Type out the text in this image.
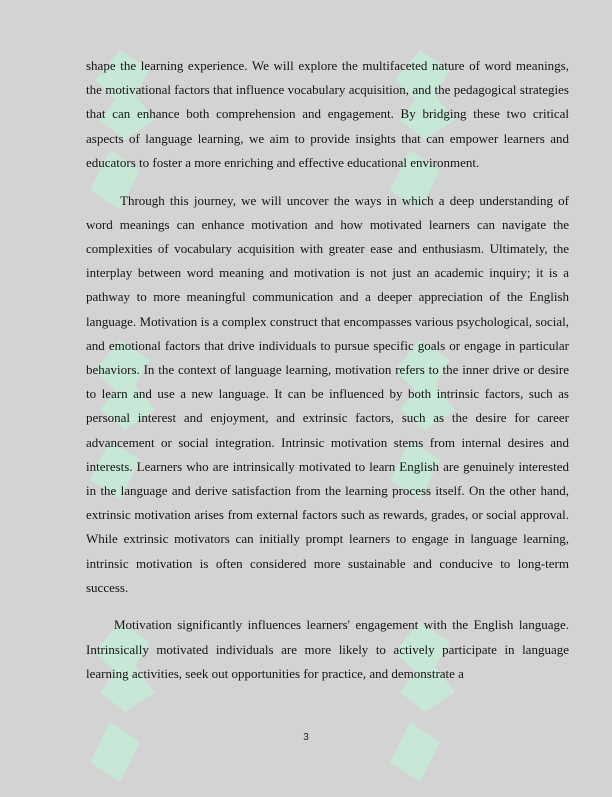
shape the learning experience. We will explore the multifaceted nature of word meanings, the motivational factors that influence vocabulary acquisition, and the pedagogical strategies that can enhance both comprehension and engagement. By bridging these two critical aspects of language learning, we aim to provide insights that can empower learners and educators to foster a more enriching and effective educational environment.

Through this journey, we will uncover the ways in which a deep understanding of word meanings can enhance motivation and how motivated learners can navigate the complexities of vocabulary acquisition with greater ease and enthusiasm. Ultimately, the interplay between word meaning and motivation is not just an academic inquiry; it is a pathway to more meaningful communication and a deeper appreciation of the English language. Motivation is a complex construct that encompasses various psychological, social, and emotional factors that drive individuals to pursue specific goals or engage in particular behaviors. In the context of language learning, motivation refers to the inner drive or desire to learn and use a new language. It can be influenced by both intrinsic factors, such as personal interest and enjoyment, and extrinsic factors, such as the desire for career advancement or social integration. Intrinsic motivation stems from internal desires and interests. Learners who are intrinsically motivated to learn English are genuinely interested in the language and derive satisfaction from the learning process itself. On the other hand, extrinsic motivation arises from external factors such as rewards, grades, or social approval. While extrinsic motivators can initially prompt learners to engage in language learning, intrinsic motivation is often considered more sustainable and conducive to long-term success.

Motivation significantly influences learners' engagement with the English language. Intrinsically motivated individuals are more likely to actively participate in language learning activities, seek out opportunities for practice, and demonstrate a

3
